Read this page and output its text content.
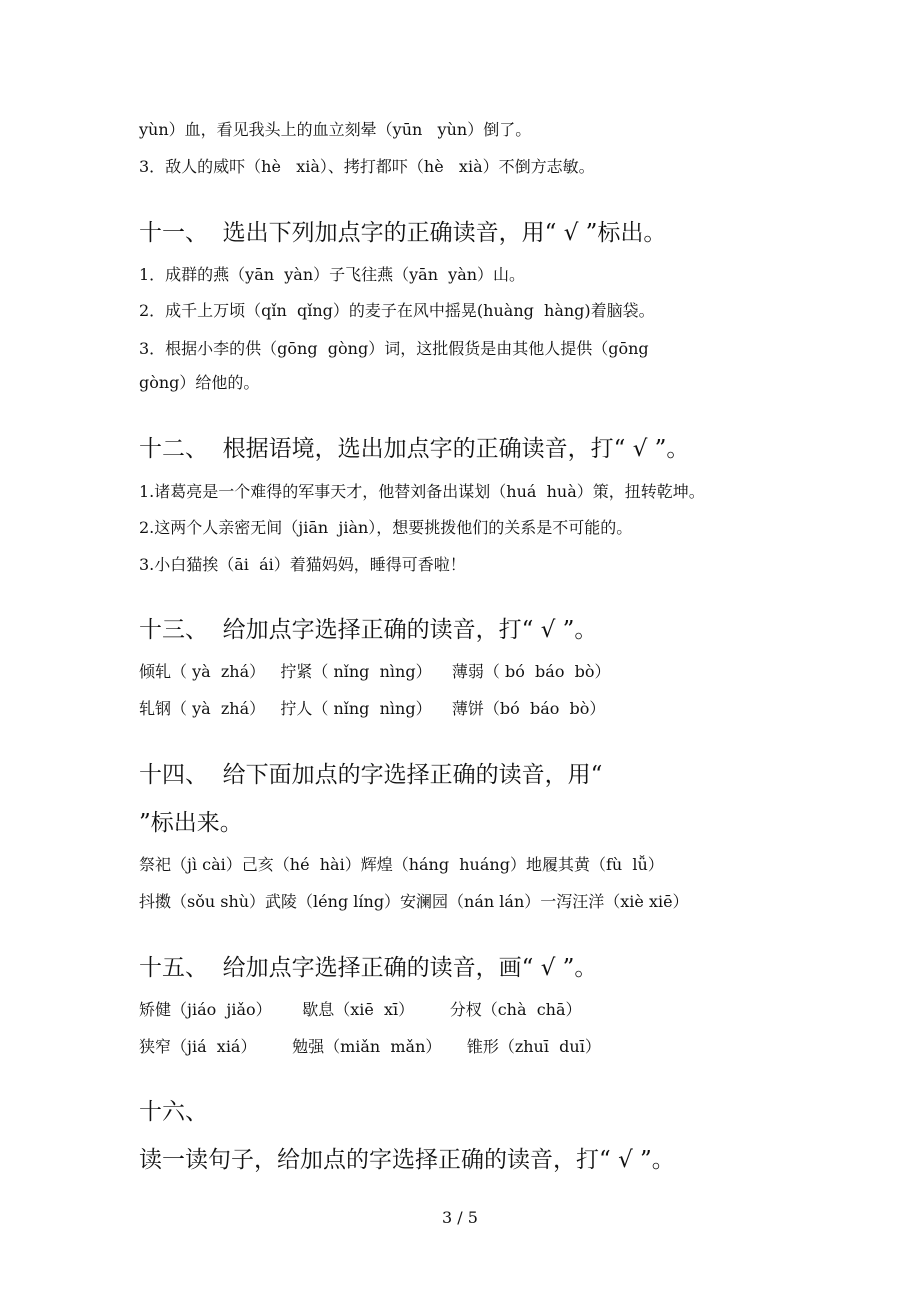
yùn）血，看见我头上的血立刻晕（yūn   yùn）倒了。
3．敌人的威吓（hè   xià）、拷打都吓（hè   xià）不倒方志敏。
十一、  选出下列加点字的正确读音，用“ √ ”标出。
1．成群的燕（yān  yàn）子飞往燕（yān  yàn）山。
2．成千上万顷（qǐn  qǐng）的麦子在风中摇晃(huàng  hàng)着脑袋。
3．根据小李的供（gōng  gòng）词，这批假货是由其他人提供（gōng
gòng）给他的。
十二、  根据语境，选出加点字的正确读音，打“ √ ”。
1.诸葛亮是一个难得的军事天才，他替刘备出谋划（huá  huà）策，扭转乾坤。
2.这两个人亲密无间（jiān  jiàn），想要挑拨他们的关系是不可能的。
3.小白猫挨（āi  ái）着猫妈妈，睡得可香啦！
十三、  给加点字选择正确的读音，打“ √ ”。
倾轧（ yà  zhá）   拧紧（ nǐng  nìng）    薄弱（ bó  báo  bò）
轧钢（ yà  zhá）   拧人（ nǐng  nìng）    薄饼（bó  báo  bò）
十四、  给下面加点的字选择正确的读音，用“
”标出来。
祭祀（jì cài）己亥（hé  hài）辉煌（háng  huáng）地履其黄（fù  lǚ）
抖擞（sǒu shù）武陵（léng líng）安澜园（nán lán）一泻汪洋（xiè xiē）
十五、  给加点字选择正确的读音，画“ √ ”。
矫健（jiáo  jiǎo）      歇息（xiē  xī）       分杈（chà  chā）
狭窄（jiá  xiá）       勉强（miǎn  mǎn）     锥形（zhuī  duī）
十六、
读一读句子，给加点的字选择正确的读音，打“ √ ”。
3 / 5
